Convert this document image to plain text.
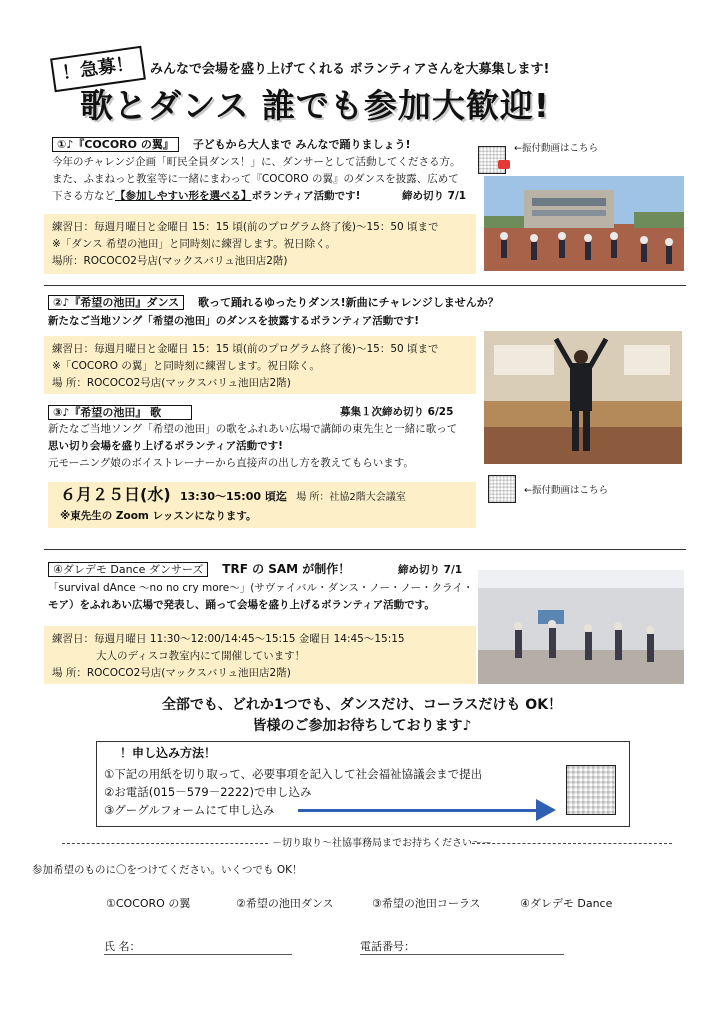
！急募！	みんなで会場を盛り上げてくれる ボランティアさんを大募集します!
歌とダンス 誰でも参加大歓迎!
①♪『COCORO の翼』 子どもから大人まで みんなで踊りましょう!	←振付動画はこちら
今年のチャレンジ企画「町民全員ダンス！」に、ダンサーとして活動してくださる方。
また、ふまねっと教室等に一緒にまわって『COCORO の翼』のダンスを披露、広めて
下さる方など【参加しやすい形を選べる】ボランティア活動です!	締め切り 7/1
練習日：毎週月曜日と金曜日 15：15 頃(前のプログラム終了後)～15：50 頃まで
※「ダンス 希望の池田」と同時刻に練習します。祝日除く。
場所：ROCOCO2号店(マックスバリュ池田店2階)
②♪『希望の池田』ダンス 歌って踊れるゆったりダンス!新曲にチャレンジしませんか？
新たなご当地ソング「希望の池田」のダンスを披露するボランティア活動です!
練習日：毎週月曜日と金曜日 15：15 頃(前のプログラム終了後)～15：50 頃まで
※「COCORO の翼」と同時刻に練習します。祝日除く。
場 所：ROCOCO2号店(マックスバリュ池田店2階)
③♪『希望の池田』 歌	募集１次締め切り 6/25
新たなご当地ソング「希望の池田」の歌をふれあい広場で講師の東先生と一緒に歌って
思い切り会場を盛り上げるボランティア活動です!
元モーニング娘のボイストレーナーから直接声の出し方を教えてもらいます。
←振付動画はこちら
６月２５日(水) 13:30～15:00 頃迄 場 所：社協2階大会議室
※東先生の Zoom レッスンになります。
④ダレデモ Dance ダンサーズ TRF の SAM が制作！	締め切り 7/1
「survival dAnce ～no no cry more～」(サヴァイバル・ダンス・ノー・ノー・クライ・
モア）をふれあい広場で発表し、踊って会場を盛り上げるボランティア活動です。
練習日：毎週月曜日 11:30～12:00/14:45～15:15 金曜日 14:45～15:15
大人のディスコ教室内にて開催しています！
場 所：ROCOCO2号店(マックスバリュ池田店2階)
全部でも、どれか1つでも、ダンスだけ、コーラスだけも OK！
皆様のご参加お待ちしております♪
！申し込み方法！
①下記の用紙を切り取って、必要事項を記入して社会福祉協議会まで提出
②お電話(015－579－2222)で申し込み
③グーグルフォームにて申し込み
－切り取り～社協事務局までお持ちください～－
参加希望のものに〇をつけてください。いくつでも OK！
①COCORO の翼	②希望の池田ダンス	③希望の池田コーラス	④ダレデモ Dance
氏 名：	電話番号：
